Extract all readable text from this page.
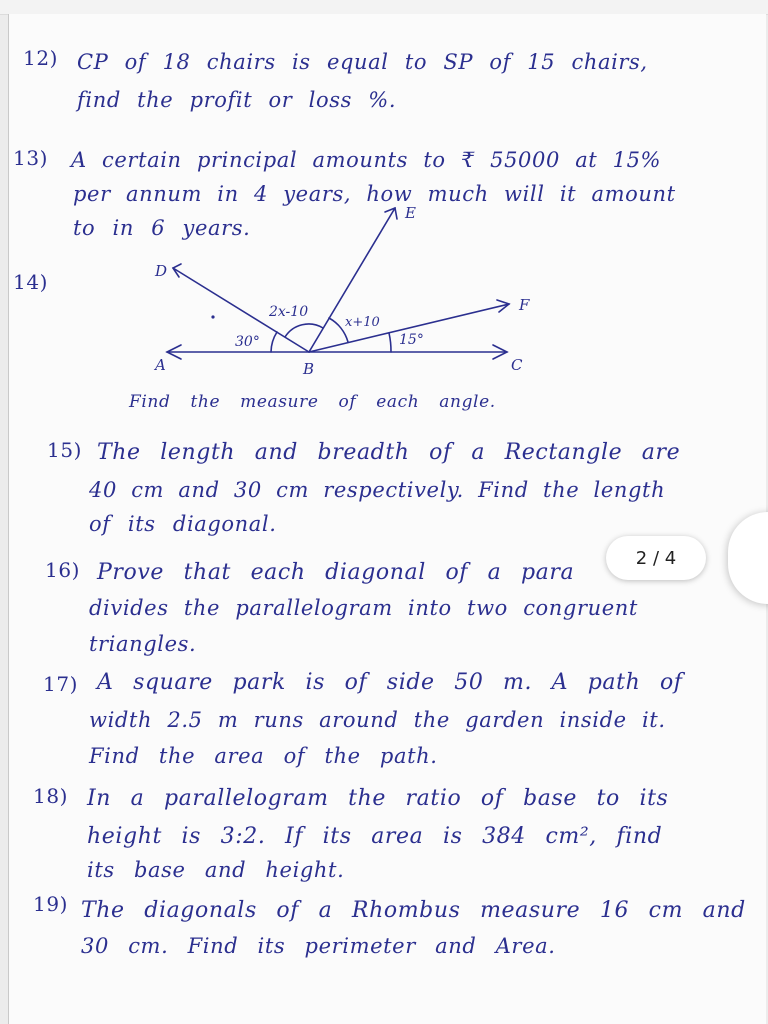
12) CP of 18 chairs is equal to SP of 15 chairs,
find the profit or loss %.
13) A certain principal amounts to ₹ 55000 at 15%
per annum in 4 years, how much will it amount
to in 6 years.
14)	D
E
F
A	B	C
2x-10
x+10
30°	15°
Find the measure of each angle.
15) The length and breadth of a Rectangle are
40 cm and 30 cm respectively. Find the length
of its diagonal.
16) Prove that each diagonal of a para
divides the parallelogram into two congruent
triangles.
17) A square park is of side 50 m. A path of
width 2.5 m runs around the garden inside it.
Find the area of the path.
18) In a parallelogram the ratio of base to its
height is 3:2. If its area is 384 cm², find
its base and height.
19) The diagonals of a Rhombus measure 16 cm and
30 cm. Find its perimeter and Area.
2 / 4
